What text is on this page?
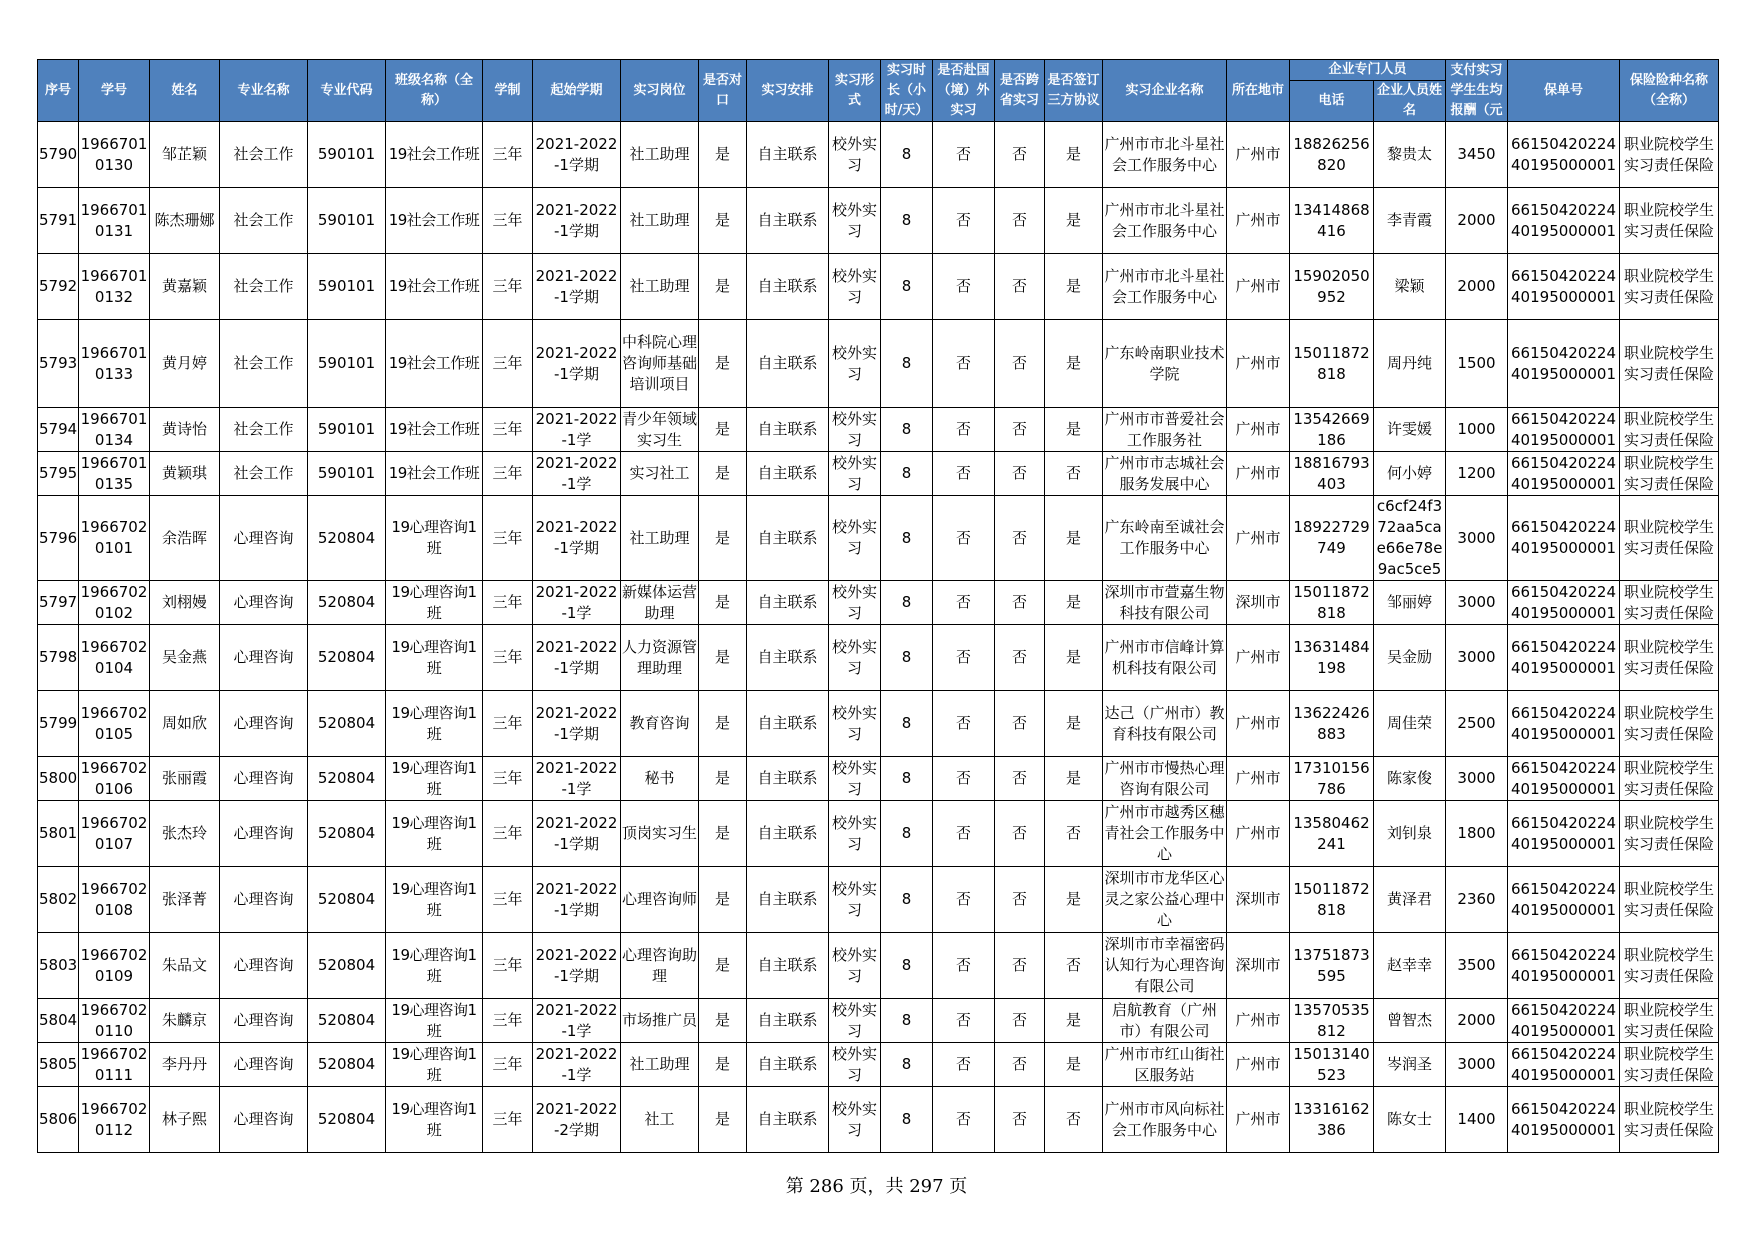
序号	学号	姓名	专业名称	专业代码	班级名称（全称）	学制	起始学期	实习岗位	是否对口	实习安排	实习形式	实习时长（小时/天）	是否赴国（境）外实习	是否跨省实习	是否签订三方协议	实习企业名称	所在地市	企业专门人员		支付实习学生生均报酬（元	保单号	保险险种名称（全称）
																		电话	企业人员姓名			
5790	19667010130	邹芷颖	社会工作	590101	19社会工作班	三年	2021-2022-1学期	社工助理	是	自主联系	校外实习	8	否	否	是	广州市市北斗星社会工作服务中心	广州市	18826256820	黎贵太	3450	6615042022440195000001	职业院校学生实习责任保险
5791	19667010131	陈杰珊娜	社会工作	590101	19社会工作班	三年	2021-2022-1学期	社工助理	是	自主联系	校外实习	8	否	否	是	广州市市北斗星社会工作服务中心	广州市	13414868416	李青霞	2000	6615042022440195000001	职业院校学生实习责任保险
5792	19667010132	黄嘉颖	社会工作	590101	19社会工作班	三年	2021-2022-1学期	社工助理	是	自主联系	校外实习	8	否	否	是	广州市市北斗星社会工作服务中心	广州市	15902050952	梁颖	2000	6615042022440195000001	职业院校学生实习责任保险
5793	19667010133	黄月婷	社会工作	590101	19社会工作班	三年	2021-2022-1学期	中科院心理咨询师基础培训项目	是	自主联系	校外实习	8	否	否	是	广东岭南职业技术学院	广州市	15011872818	周丹纯	1500	6615042022440195000001	职业院校学生实习责任保险
5794	19667010134	黄诗怡	社会工作	590101	19社会工作班	三年	2021-2022-1学	青少年领域实习生	是	自主联系	校外实习	8	否	否	是	广州市市普爱社会工作服务社	广州市	13542669186	许雯媛	1000	6615042022440195000001	职业院校学生实习责任保险
5795	19667010135	黄颖琪	社会工作	590101	19社会工作班	三年	2021-2022-1学	实习社工	是	自主联系	校外实习	8	否	否	否	广州市市志城社会服务发展中心	广州市	18816793403	何小婷	1200	6615042022440195000001	职业院校学生实习责任保险
5796	19667020101	余浩晖	心理咨询	520804	19心理咨询1班	三年	2021-2022-1学期	社工助理	是	自主联系	校外实习	8	否	否	是	广东岭南至诚社会工作服务中心	广州市	18922729749	c6cf24f372aa5cae66e78e9ac5ce5	3000	6615042022440195000001	职业院校学生实习责任保险
5797	19667020102	刘栩嫚	心理咨询	520804	19心理咨询1班	三年	2021-2022-1学	新媒体运营助理	是	自主联系	校外实习	8	否	否	是	深圳市市萱嘉生物科技有限公司	深圳市	15011872818	邹丽婷	3000	6615042022440195000001	职业院校学生实习责任保险
5798	19667020104	吴金燕	心理咨询	520804	19心理咨询1班	三年	2021-2022-1学期	人力资源管理助理	是	自主联系	校外实习	8	否	否	是	广州市市信峰计算机科技有限公司	广州市	13631484198	吴金励	3000	6615042022440195000001	职业院校学生实习责任保险
5799	19667020105	周如欣	心理咨询	520804	19心理咨询1班	三年	2021-2022-1学期	教育咨询	是	自主联系	校外实习	8	否	否	是	达己（广州市）教育科技有限公司	广州市	13622426883	周佳荣	2500	6615042022440195000001	职业院校学生实习责任保险
5800	19667020106	张丽霞	心理咨询	520804	19心理咨询1班	三年	2021-2022-1学	秘书	是	自主联系	校外实习	8	否	否	是	广州市市慢热心理咨询有限公司	广州市	17310156786	陈家俊	3000	6615042022440195000001	职业院校学生实习责任保险
5801	19667020107	张杰玲	心理咨询	520804	19心理咨询1班	三年	2021-2022-1学期	顶岗实习生	是	自主联系	校外实习	8	否	否	否	广州市市越秀区穗青社会工作服务中心	广州市	13580462241	刘钊泉	1800	6615042022440195000001	职业院校学生实习责任保险
5802	19667020108	张泽菁	心理咨询	520804	19心理咨询1班	三年	2021-2022-1学期	心理咨询师	是	自主联系	校外实习	8	否	否	是	深圳市市龙华区心灵之家公益心理中心	深圳市	15011872818	黄泽君	2360	6615042022440195000001	职业院校学生实习责任保险
5803	19667020109	朱品文	心理咨询	520804	19心理咨询1班	三年	2021-2022-1学期	心理咨询助理	是	自主联系	校外实习	8	否	否	否	深圳市市幸福密码认知行为心理咨询有限公司	深圳市	13751873595	赵幸幸	3500	6615042022440195000001	职业院校学生实习责任保险
5804	19667020110	朱麟京	心理咨询	520804	19心理咨询1班	三年	2021-2022-1学	市场推广员	是	自主联系	校外实习	8	否	否	是	启航教育（广州市）有限公司	广州市	13570535812	曾智杰	2000	6615042022440195000001	职业院校学生实习责任保险
5805	19667020111	李丹丹	心理咨询	520804	19心理咨询1班	三年	2021-2022-1学	社工助理	是	自主联系	校外实习	8	否	否	是	广州市市红山街社区服务站	广州市	15013140523	岑润圣	3000	6615042022440195000001	职业院校学生实习责任保险
5806	19667020112	林子熙	心理咨询	520804	19心理咨询1班	三年	2021-2022-2学期	社工	是	自主联系	校外实习	8	否	否	否	广州市市风向标社会工作服务中心	广州市	13316162386	陈女士	1400	6615042022440195000001	职业院校学生实习责任保险
第 286 页，共 297 页
